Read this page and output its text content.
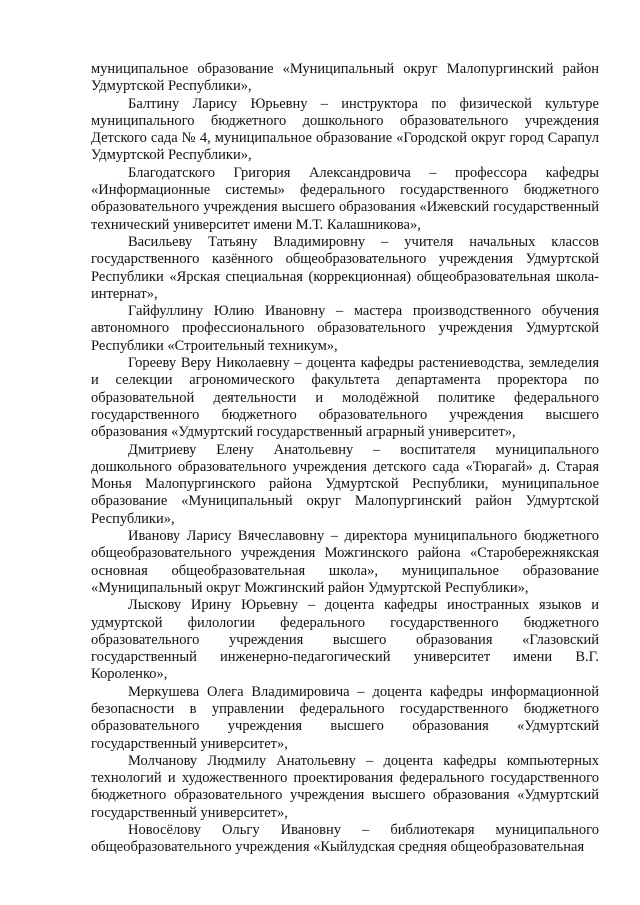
муниципальное образование «Муниципальный округ Малопургинский район Удмуртской Республики»,

Балтину Ларису Юрьевну – инструктора по физической культуре муниципального бюджетного дошкольного образовательного учреждения Детского сада № 4, муниципальное образование «Городской округ город Сарапул Удмуртской Республики»,

Благодатского Григория Александровича – профессора кафедры «Информационные системы» федерального государственного бюджетного образовательного учреждения высшего образования «Ижевский государственный технический университет имени М.Т. Калашникова»,

Васильеву Татьяну Владимировну – учителя начальных классов государственного казённого общеобразовательного учреждения Удмуртской Республики «Ярская специальная (коррекционная) общеобразовательная школа-интернат»,

Гайфуллину Юлию Ивановну – мастера производственного обучения автономного профессионального образовательного учреждения Удмуртской Республики «Строительный техникум»,

Горееву Веру Николаевну – доцента кафедры растениеводства, земледелия и селекции агрономического факультета департамента проректора по образовательной деятельности и молодёжной политике федерального государственного бюджетного образовательного учреждения высшего образования «Удмуртский государственный аграрный университет»,

Дмитриеву Елену Анатольевну – воспитателя муниципального дошкольного образовательного учреждения детского сада «Тюрагай» д. Старая Монья Малопургинского района Удмуртской Республики, муниципальное образование «Муниципальный округ Малопургинский район Удмуртской Республики»,

Иванову Ларису Вячеславовну – директора муниципального бюджетного общеобразовательного учреждения Можгинского района «Старобережнякская основная общеобразовательная школа», муниципальное образование «Муниципальный округ Можгинский район Удмуртской Республики»,

Лыскову Ирину Юрьевну – доцента кафедры иностранных языков и удмуртской филологии федерального государственного бюджетного образовательного учреждения высшего образования «Глазовский государственный инженерно-педагогический университет имени В.Г. Короленко»,

Меркушева Олега Владимировича – доцента кафедры информационной безопасности в управлении федерального государственного бюджетного образовательного учреждения высшего образования «Удмуртский государственный университет»,

Молчанову Людмилу Анатольевну – доцента кафедры компьютерных технологий и художественного проектирования федерального государственного бюджетного образовательного учреждения высшего образования «Удмуртский государственный университет»,

Новосёлову Ольгу Ивановну – библиотекаря муниципального общеобразовательного учреждения «Кыйлудская средняя общеобразовательная
